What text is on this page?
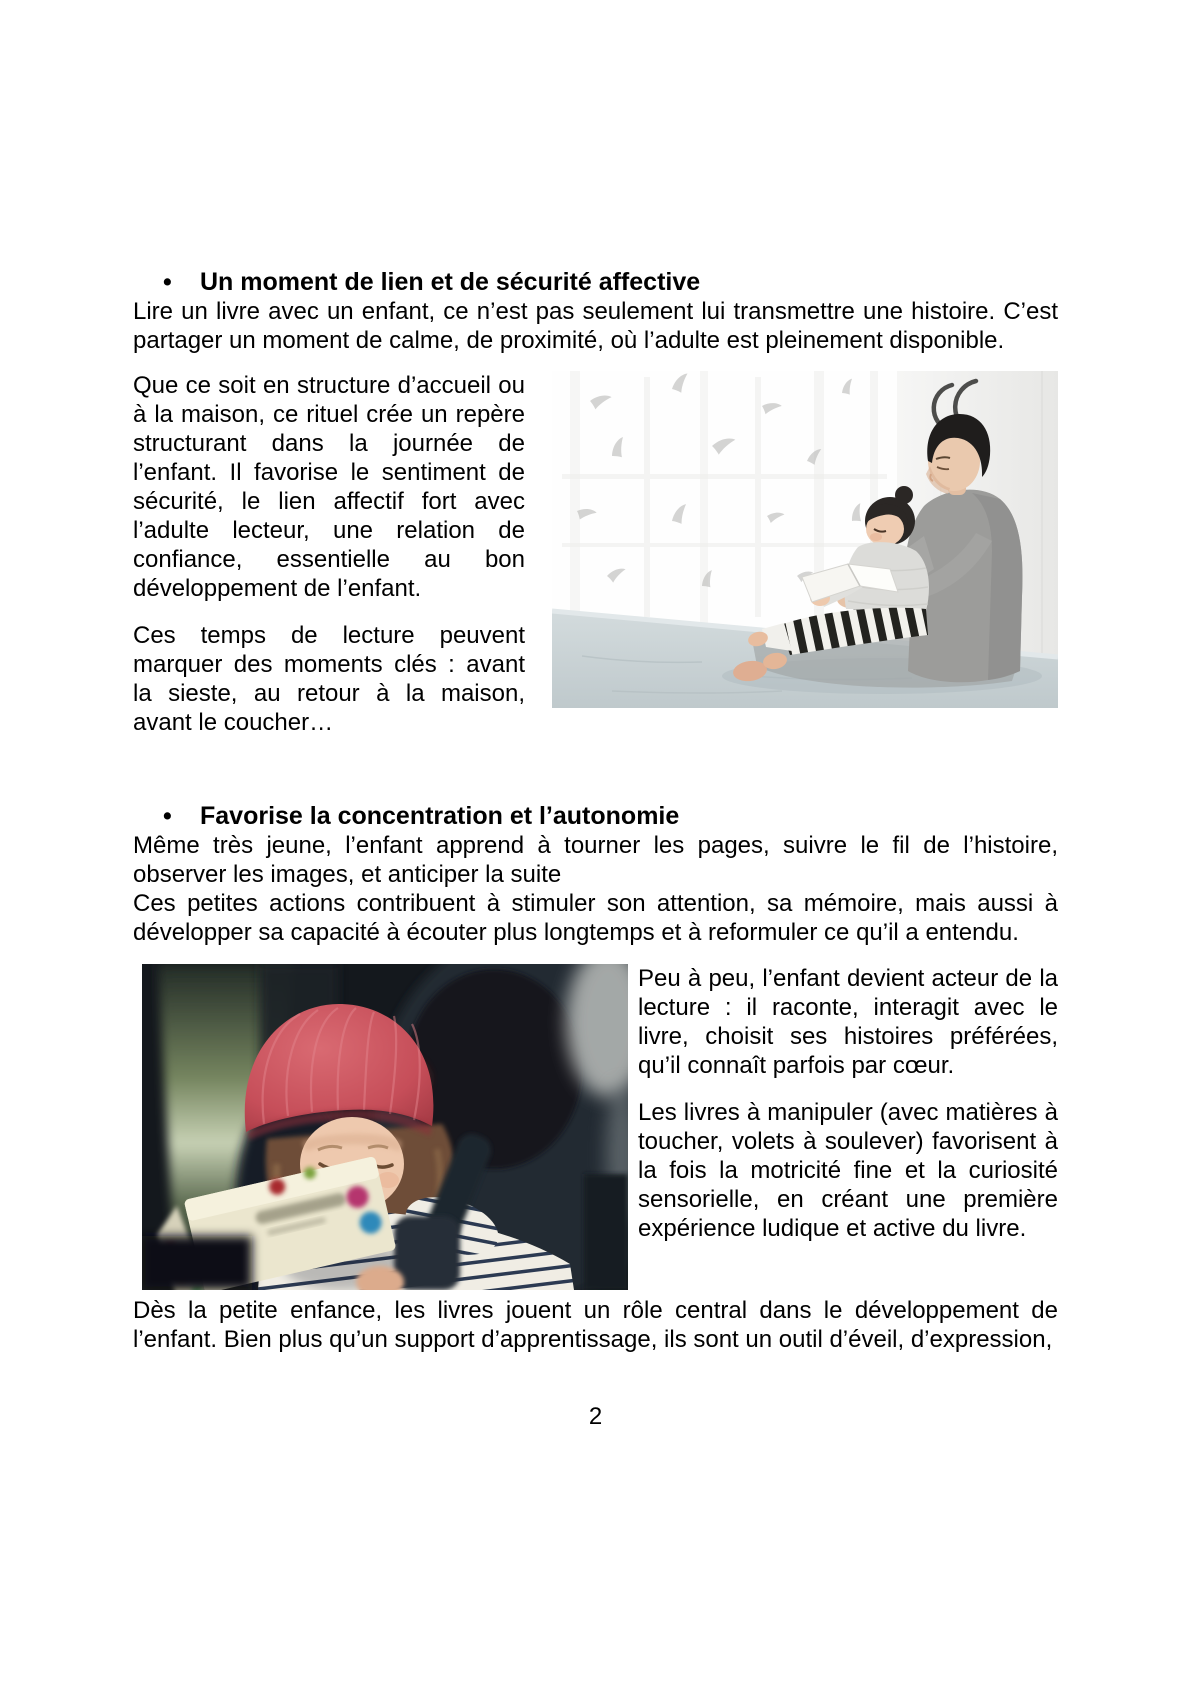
•	Un moment de lien et de sécurité affective

Lire un livre avec un enfant, ce n’est pas seulement lui transmettre une histoire. C’est partager un moment de calme, de proximité, où l’adulte est pleinement disponible.

Que ce soit en structure d’accueil ou à la maison, ce rituel crée un repère structurant dans la journée de l’enfant. Il favorise le sentiment de sécurité, le lien affectif fort avec l’adulte lecteur, une relation de confiance, essentielle au bon développement de l’enfant.

Ces temps de lecture peuvent marquer des moments clés : avant la sieste, au retour à la maison, avant le coucher…

•	Favorise la concentration et l’autonomie

Même très jeune, l’enfant apprend à tourner les pages, suivre le fil de l’histoire, observer les images, et anticiper la suite

Ces petites actions contribuent à stimuler son attention, sa mémoire, mais aussi à développer sa capacité à écouter plus longtemps et à reformuler ce qu’il a entendu.

Peu à peu, l’enfant devient acteur de la lecture : il raconte, interagit avec le livre, choisit ses histoires préférées, qu’il connaît parfois par cœur.

Les livres à manipuler (avec matières à toucher, volets à soulever) favorisent à la fois la motricité fine et la curiosité sensorielle, en créant une première expérience ludique et active du livre.

Dès la petite enfance, les livres jouent un rôle central dans le développement de l’enfant. Bien plus qu’un support d’apprentissage, ils sont un outil d’éveil, d’expression,

2
